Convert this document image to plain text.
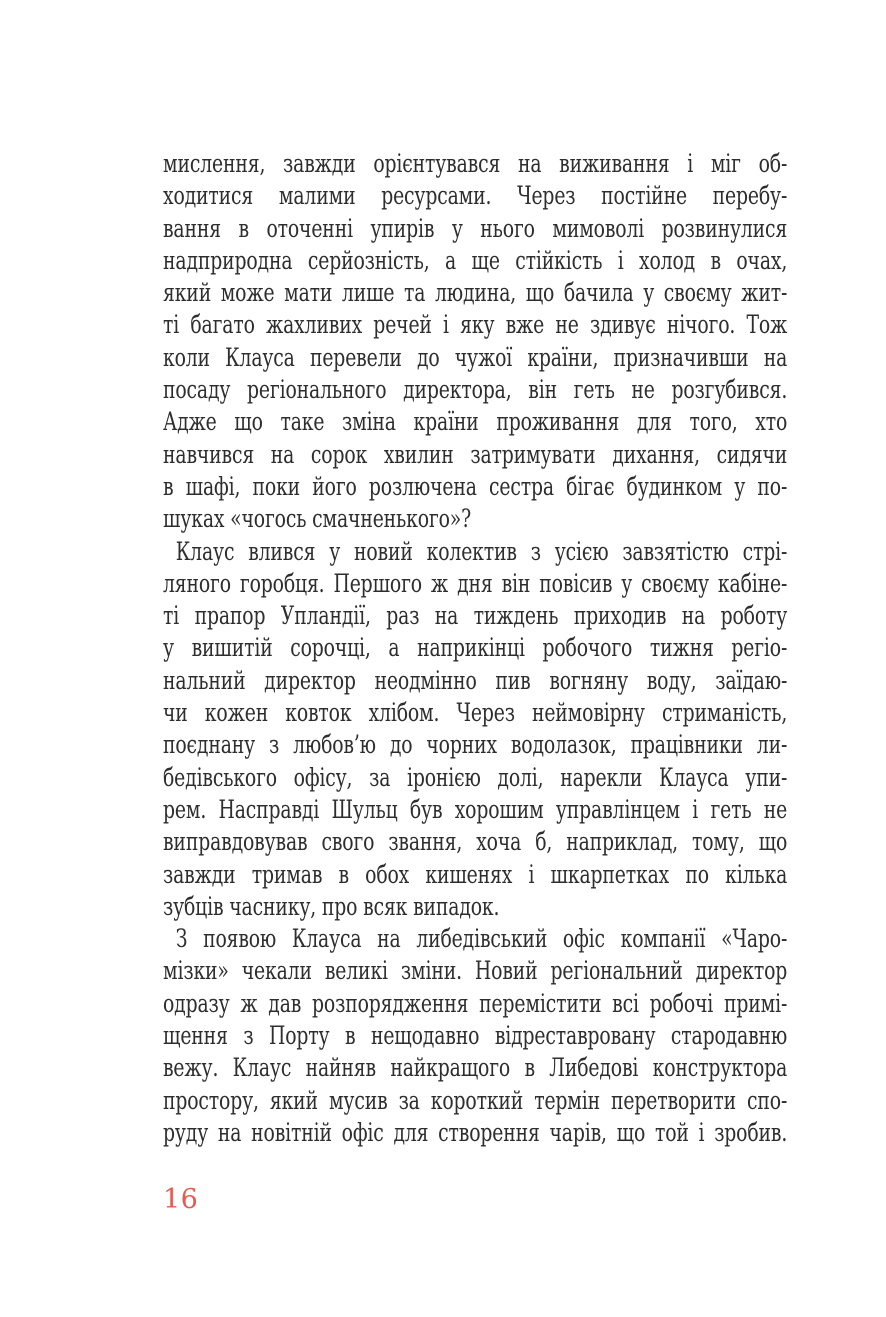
мислення, завжди орієнтувався на виживання і міг об-
ходитися малими ресурсами. Через постійне перебу-
вання в оточенні упирів у нього мимоволі розвинулися
надприродна серйозність, а ще стійкість і холод в очах,
який може мати лише та людина, що бачила у своєму жит-
ті багато жахливих речей і яку вже не здивує нічого. Тож
коли Клауса перевели до чужої країни, призначивши на
посаду регіонального директора, він геть не розгубився.
Адже що таке зміна країни проживання для того, хто
навчився на сорок хвилин затримувати дихання, сидячи
в шафі, поки його розлючена сестра бігає будинком у по-
шуках «чогось смачненького»?
Клаус влився у новий колектив з усією завзятістю стрі-
ляного горобця. Першого ж дня він повісив у своєму кабіне-
ті прапор Упландії, раз на тиждень приходив на роботу
у вишитій сорочці, а наприкінці робочого тижня регіо-
нальний директор неодмінно пив вогняну воду, заїдаю-
чи кожен ковток хлібом. Через неймовірну стриманість,
поєднану з любов’ю до чорних водолазок, працівники ли-
бедівського офісу, за іронією долі, нарекли Клауса упи-
рем. Насправді Шульц був хорошим управлінцем і геть не
виправдовував свого звання, хоча б, наприклад, тому, що
завжди тримав в обох кишенях і шкарпетках по кілька
зубців часнику, про всяк випадок.
З появою Клауса на либедівський офіс компанії «Чаро-
мізки» чекали великі зміни. Новий регіональний директор
одразу ж дав розпорядження перемістити всі робочі примі-
щення з Порту в нещодавно відреставровану стародавню
вежу. Клаус найняв найкращого в Либедові конструктора
простору, який мусив за короткий термін перетворити спо-
руду на новітній офіс для створення чарів, що той і зробив.
16
